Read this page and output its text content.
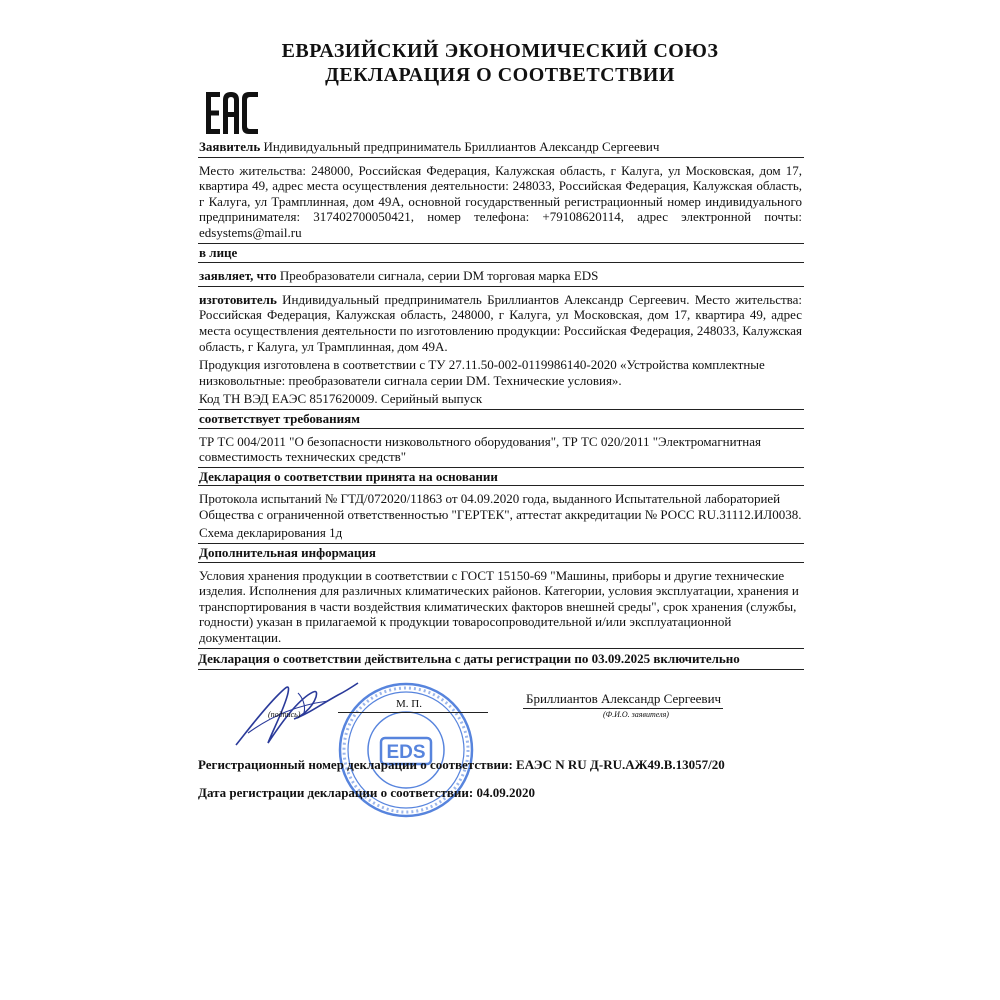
ЕВРАЗИЙСКИЙ ЭКОНОМИЧЕСКИЙ СОЮЗ
ДЕКЛАРАЦИЯ О СООТВЕТСТВИИ
Заявитель Индивидуальный предприниматель Бриллиантов Александр Сергеевич
Место жительства: 248000, Российская Федерация, Калужская область, г Калуга, ул Московская, дом 17, квартира 49, адрес места осуществления деятельности: 248033, Российская Федерация, Калужская область, г Калуга, ул Трамплинная, дом 49А, основной государственный регистрационный номер индивидуального предпринимателя: 317402700050421, номер телефона: +79108620114, адрес электронной почты: edsystems@mail.ru
в лице
заявляет, что Преобразователи сигнала, серии DM торговая марка EDS
изготовитель Индивидуальный предприниматель Бриллиантов Александр Сергеевич. Место жительства: Российская Федерация, Калужская область, 248000, г Калуга, ул Московская, дом 17, квартира 49, адрес места осуществления деятельности по изготовлению продукции: Российская Федерация, 248033, Калужская область, г Калуга, ул Трамплинная, дом 49А.
Продукция изготовлена в соответствии с ТУ 27.11.50-002-0119986140-2020 «Устройства комплектные низковольтные: преобразователи сигнала серии DM. Технические условия».
Код ТН ВЭД ЕАЭС 8517620009. Серийный выпуск
соответствует требованиям
ТР ТС 004/2011 "О безопасности низковольтного оборудования", ТР ТС 020/2011 "Электромагнитная совместимость технических средств"
Декларация о соответствии принята на основании
Протокола испытаний № ГТД/072020/11863 от 04.09.2020 года, выданного Испытательной лабораторией Общества с ограниченной ответственностью "ГЕРТЕК", аттестат аккредитации № РОСС RU.31112.ИЛ0038.
Схема декларирования 1д
Дополнительная информация
Условия хранения продукции в соответствии с ГОСТ 15150-69 "Машины, приборы и другие технические изделия. Исполнения для различных климатических районов. Категории, условия эксплуатации, хранения и транспортирования в части воздействия климатических факторов внешней среды", срок хранения (службы, годности) указан в прилагаемой к продукции товаросопроводительной и/или эксплуатационной документации.
Декларация о соответствии действительна с даты регистрации по 03.09.2025 включительно
EDS
(подпись)
М. П.	Бриллиантов Александр Сергеевич
(Ф.И.О. заявителя)
Регистрационный номер декларации о соответствии: ЕАЭС N RU Д-RU.АЖ49.В.13057/20
Дата регистрации декларации о соответствии: 04.09.2020
